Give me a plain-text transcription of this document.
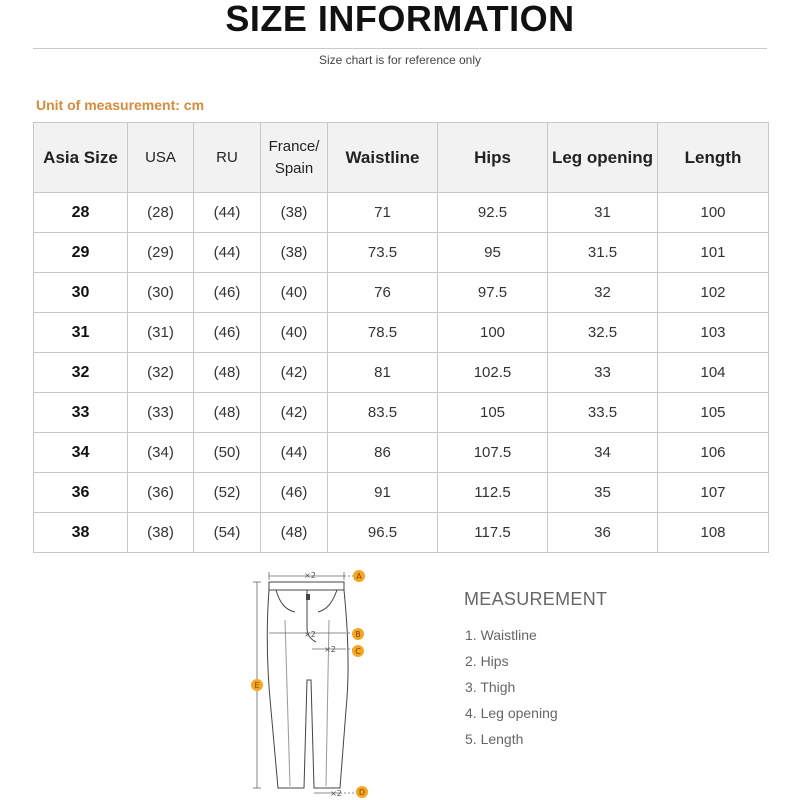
SIZE INFORMATION
Size chart is for reference only
Unit of measurement: cm
Asia Size	USA	RU	France/ Spain	Waistline	Hips	Leg opening	Length
28	(28)	(44)	(38)	71	92.5	31	100
29	(29)	(44)	(38)	73.5	95	31.5	101
30	(30)	(46)	(40)	76	97.5	32	102
31	(31)	(46)	(40)	78.5	100	32.5	103
32	(32)	(48)	(42)	81	102.5	33	104
33	(33)	(48)	(42)	83.5	105	33.5	105
34	(34)	(50)	(44)	86	107.5	34	106
36	(36)	(52)	(46)	91	112.5	35	107
38	(38)	(54)	(48)	96.5	117.5	36	108
×2
×2
×2
×2
A
B
C
D
E
MEASUREMENT
1. Waistline
2. Hips
3. Thigh
4. Leg opening
5. Length
